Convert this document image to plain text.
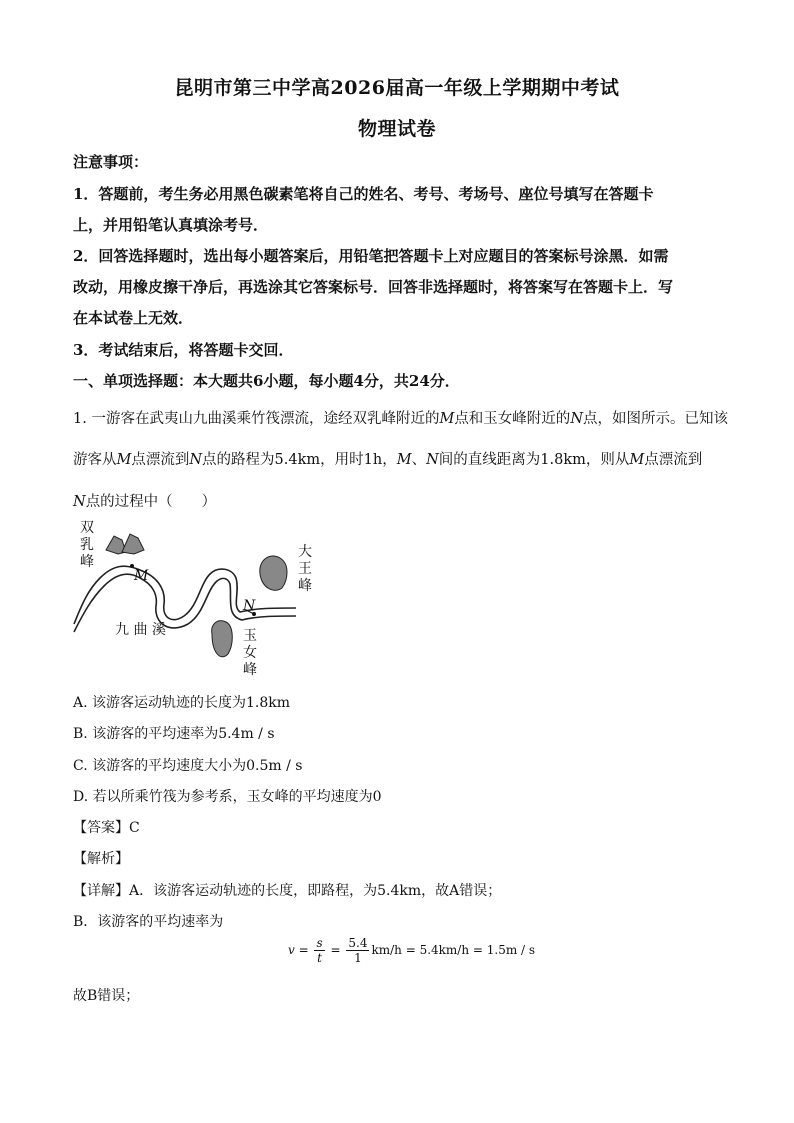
昆明市第三中学高2026届高一年级上学期期中考试
物理试卷
注意事项：
1．答题前，考生务必用黑色碳素笔将自己的姓名、考号、考场号、座位号填写在答题卡
上，并用铅笔认真填涂考号．
2．回答选择题时，选出每小题答案后，用铅笔把答题卡上对应题目的答案标号涂黑．如需
改动，用橡皮擦干净后，再选涂其它答案标号．回答非选择题时，将答案写在答题卡上．写
在本试卷上无效．
3．考试结束后，将答题卡交回．
一、单项选择题：本大题共6小题，每小题4分，共24分．
1. 一游客在武夷山九曲溪乘竹筏漂流，途经双乳峰附近的M点和玉女峰附近的N点，如图所示。已知该
游客从M点漂流到N点的路程为5.4km，用时1h，M、N间的直线距离为1.8km，则从M点漂流到
N点的过程中（　　）
双
乳
峰
大
王
峰
玉
女
峰
九 曲 溪
M
N
A. 该游客运动轨迹的长度为1.8km
B. 该游客的平均速率为5.4m / s
C. 该游客的平均速度大小为0.5m / s
D. 若以所乘竹筏为参考系，玉女峰的平均速度为0
【答案】C
【解析】
【详解】A．该游客运动轨迹的长度，即路程，为5.4km，故A错误；
B．该游客的平均速率为
$v = \frac{s}{t} = \frac{5.4}{1} km/h = 5.4km/h = 1.5m / s$
故B错误；
